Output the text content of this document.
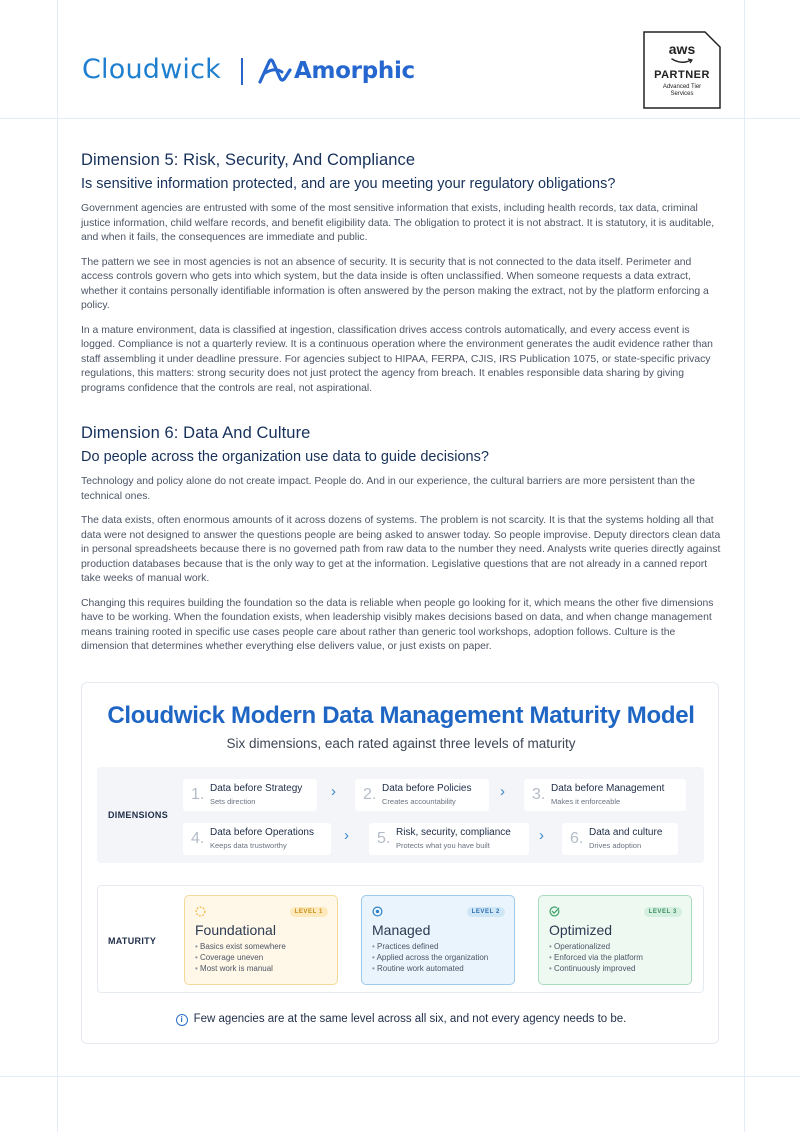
Cloudwick	Amorphic
aws
PARTNER
Advanced Tier
Services
Dimension 5: Risk, Security, And Compliance
Is sensitive information protected, and are you meeting your regulatory obligations?

Government agencies are entrusted with some of the most sensitive information that exists, including health records, tax data, criminal justice information, child welfare records, and benefit eligibility data. The obligation to protect it is not abstract. It is statutory, it is auditable, and when it fails, the consequences are immediate and public.

The pattern we see in most agencies is not an absence of security. It is security that is not connected to the data itself. Perimeter and access controls govern who gets into which system, but the data inside is often unclassified. When someone requests a data extract, whether it contains personally identifiable information is often answered by the person making the extract, not by the platform enforcing a policy.

In a mature environment, data is classified at ingestion, classification drives access controls automatically, and every access event is logged. Compliance is not a quarterly review. It is a continuous operation where the environment generates the audit evidence rather than staff assembling it under deadline pressure. For agencies subject to HIPAA, FERPA, CJIS, IRS Publication 1075, or state-specific privacy regulations, this matters: strong security does not just protect the agency from breach. It enables responsible data sharing by giving programs confidence that the controls are real, not aspirational.

Dimension 6: Data And Culture
Do people across the organization use data to guide decisions?

Technology and policy alone do not create impact. People do. And in our experience, the cultural barriers are more persistent than the technical ones.

The data exists, often enormous amounts of it across dozens of systems. The problem is not scarcity. It is that the systems holding all that data were not designed to answer the questions people are being asked to answer today. So people improvise. Deputy directors clean data in personal spreadsheets because there is no governed path from raw data to the number they need. Analysts write queries directly against production databases because that is the only way to get at the information. Legislative questions that are not already in a canned report take weeks of manual work.

Changing this requires building the foundation so the data is reliable when people go looking for it, which means the other five dimensions have to be working. When the foundation exists, when leadership visibly makes decisions based on data, and when change management means training rooted in specific use cases people care about rather than generic tool workshops, adoption follows. Culture is the dimension that determines whether everything else delivers value, or just exists on paper.

Cloudwick Modern Data Management Maturity Model
Six dimensions, each rated against three levels of maturity
DIMENSIONS
1. Data before Strategy
Sets direction
› 2. Data before Policies
Creates accountability
› 3. Data before Management
Makes it enforceable
4. Data before Operations
Keeps data trustworthy
› 5. Risk, security, compliance
Protects what you have built
› 6. Data and culture
Drives adoption
MATURITY
LEVEL 1
Foundational
• Basics exist somewhere
• Coverage uneven
• Most work is manual
LEVEL 2
Managed
• Practices defined
• Applied across the organization
• Routine work automated
LEVEL 3
Optimized
• Operationalized
• Enforced via the platform
• Continuously improved
i Few agencies are at the same level across all six, and not every agency needs to be.
